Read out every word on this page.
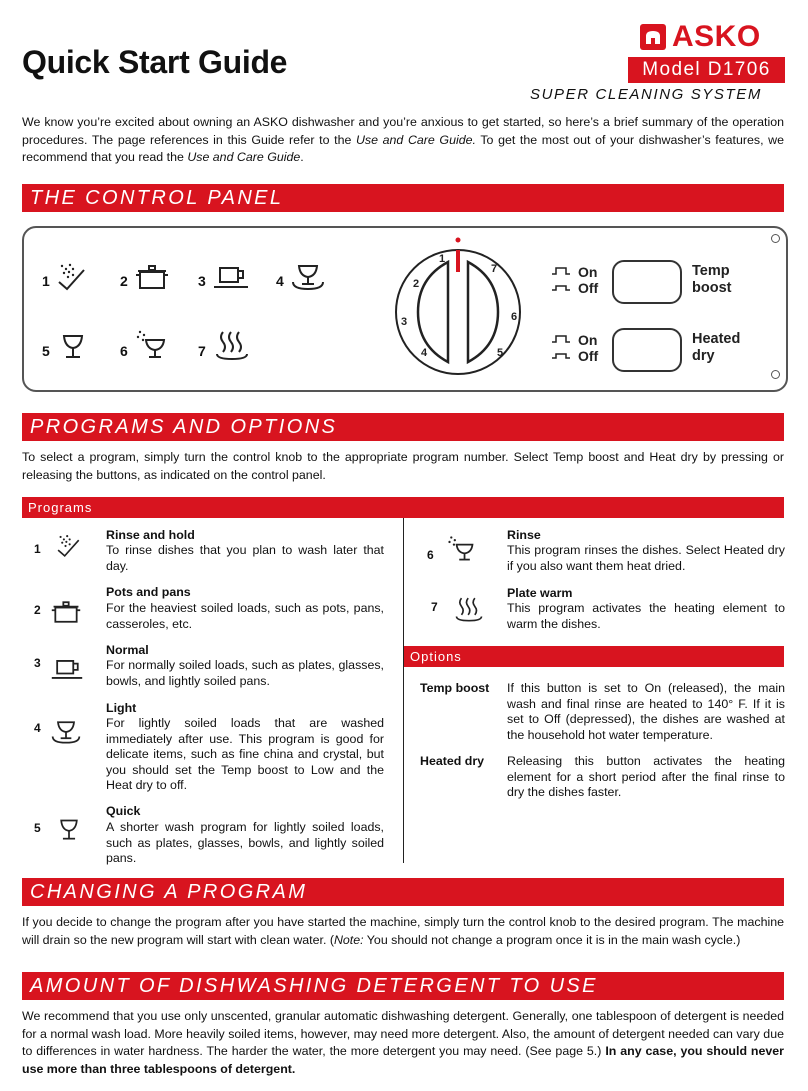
Quick Start Guide
ASKO
Model D1706
SUPER CLEANING SYSTEM
We know you’re excited about owning an ASKO dishwasher and you’re anxious to get started, so here’s a brief summary of the operation procedures. The page references in this Guide refer to the Use and Care Guide. To get the most out of your dishwasher’s features, we recommend that you read the Use and Care Guide.
THE CONTROL PANEL
1	2	3	4
5	6	7
1
2
3
4	5
6
7	On
Off
Temp
boost
On
Off
Heated
dry
PROGRAMS AND OPTIONS
To select a program, simply turn the control knob to the appropriate program number. Select Temp boost and Heat dry by pressing or releasing the buttons, as indicated on the control panel.
Programs
1
Rinse and hold
To rinse dishes that you plan to wash later that day.
2
Pots and pans
For the heaviest soiled loads, such as pots, pans, casseroles, etc.
3
Normal
For normally soiled loads, such as plates, glasses, bowls, and lightly soiled pans.
4
Light
For lightly soiled loads that are washed immediately after use. This program is good for delicate items, such as fine china and crystal, but you should set the Temp boost to Low and the Heat dry to off.
5
Quick
A shorter wash program for lightly soiled loads, such as plates, glasses, bowls, and lightly soiled pans.
6
Rinse
This program rinses the dishes. Select Heated dry if you also want them heat dried.
7
Plate warm
This program activates the heating element to warm the dishes.
Options
Temp boost If this button is set to On (released), the main wash and final rinse are heated to 140° F. If it is set to Off (depressed), the dishes are washed at the household hot water temperature.
Heated dry Releasing this button activates the heating element for a short period after the final rinse to dry the dishes faster.
CHANGING A PROGRAM
If you decide to change the program after you have started the machine, simply turn the control knob to the desired program. The machine will drain so the new program will start with clean water. (Note: You should not change a program once it is in the main wash cycle.)
AMOUNT OF DISHWASHING DETERGENT TO USE
We recommend that you use only unscented, granular automatic dishwashing detergent. Generally, one tablespoon of detergent is needed for a normal wash load. More heavily soiled items, however, may need more detergent. Also, the amount of detergent needed can vary due to differences in water hardness. The harder the water, the more detergent you may need. (See page 5.) In any case, you should never use more than three tablespoons of detergent.
